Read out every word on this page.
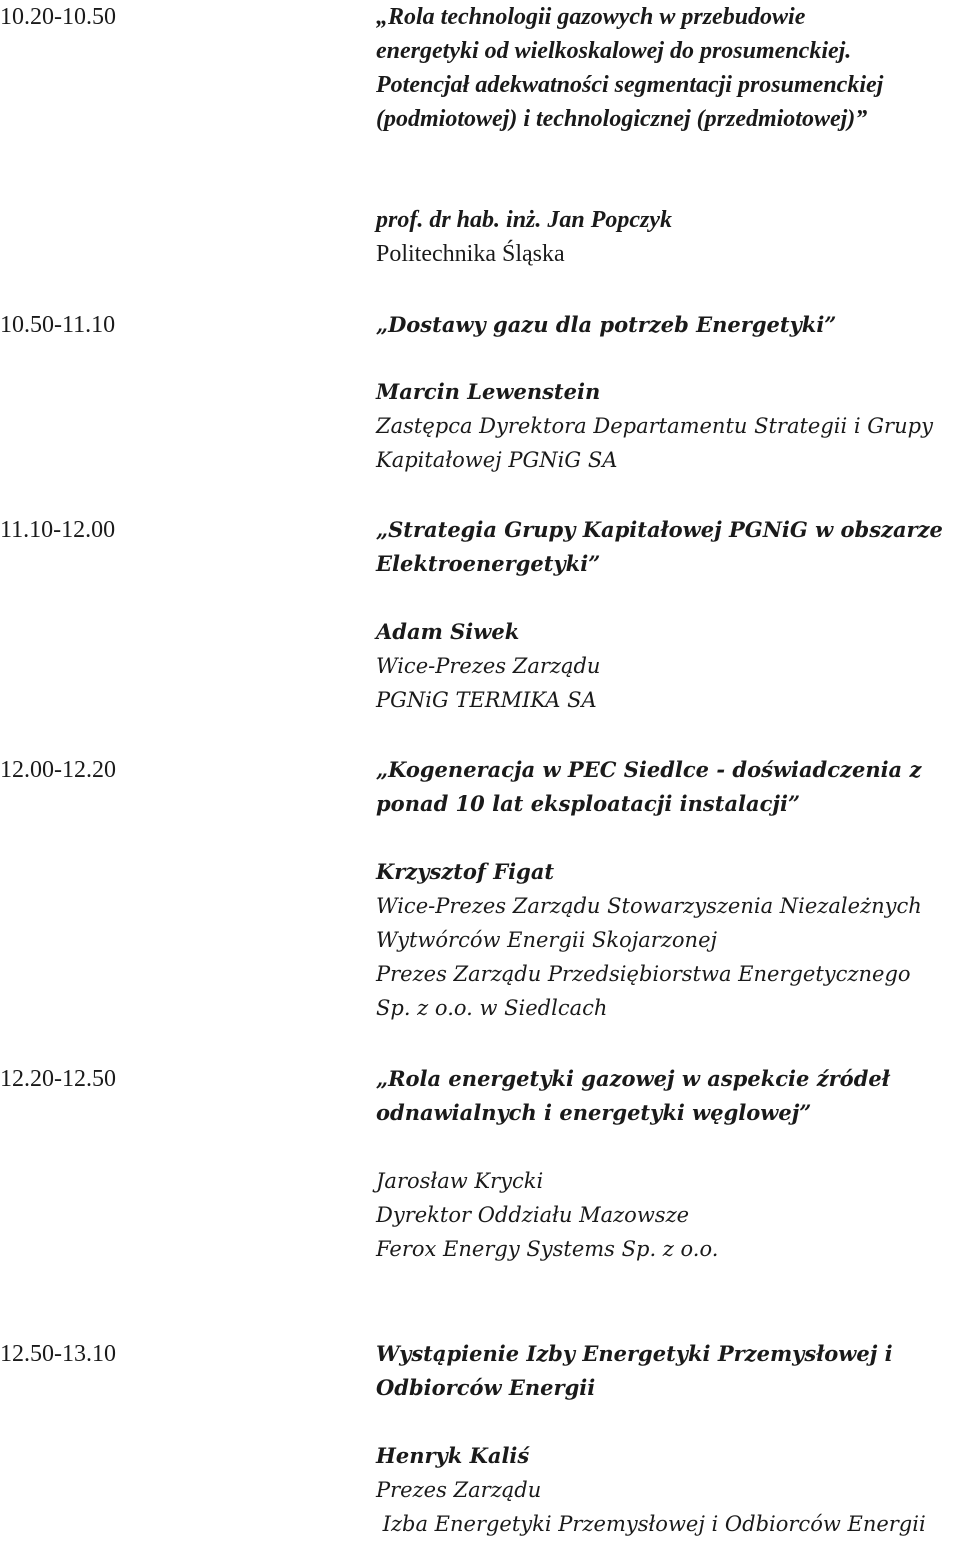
10.20-10.50	„Rola technologii gazowych w przebudowie
energetyki od wielkoskalowej do prosumenckiej.
Potencjał adekwatności segmentacji prosumenckiej
(podmiotowej) i technologicznej (przedmiotowej)”
prof. dr hab. inż. Jan Popczyk
Politechnika Śląska
10.50-11.10	„Dostawy gazu dla potrzeb Energetyki”
Marcin Lewenstein
Zastępca Dyrektora Departamentu Strategii i Grupy
Kapitałowej PGNiG SA
11.10-12.00	„Strategia Grupy Kapitałowej PGNiG w obszarze
Elektroenergetyki”
Adam Siwek
Wice-Prezes Zarządu
PGNiG TERMIKA SA
12.00-12.20	„Kogeneracja w PEC Siedlce - doświadczenia z
ponad 10 lat eksploatacji instalacji”
Krzysztof Figat
Wice-Prezes Zarządu Stowarzyszenia Niezależnych
Wytwórców Energii Skojarzonej
Prezes Zarządu Przedsiębiorstwa Energetycznego
Sp. z o.o. w Siedlcach
12.20-12.50	„Rola energetyki gazowej w aspekcie źródeł
odnawialnych i energetyki węglowej”
Jarosław Krycki
Dyrektor Oddziału Mazowsze
Ferox Energy Systems Sp. z o.o.
12.50-13.10	Wystąpienie Izby Energetyki Przemysłowej i
Odbiorców Energii
Henryk Kaliś
Prezes Zarządu
Izba Energetyki Przemysłowej i Odbiorców Energii
